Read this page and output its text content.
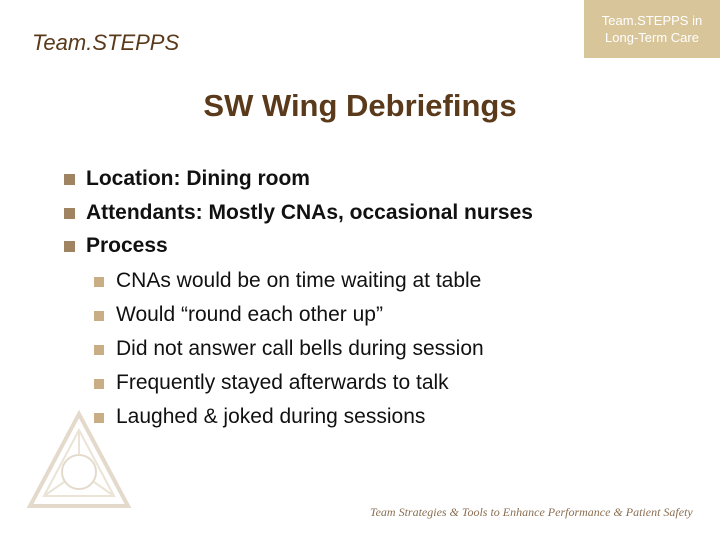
Team.STEPPS
Team.STEPPS in
Long-Term Care
SW Wing Debriefings
Location: Dining room
Attendants: Mostly CNAs, occasional nurses
Process
CNAs would be on time waiting at table
Would “round each other up”
Did not answer call bells during session
Frequently stayed afterwards to talk
Laughed & joked during sessions
Team Strategies & Tools to Enhance Performance & Patient Safety
